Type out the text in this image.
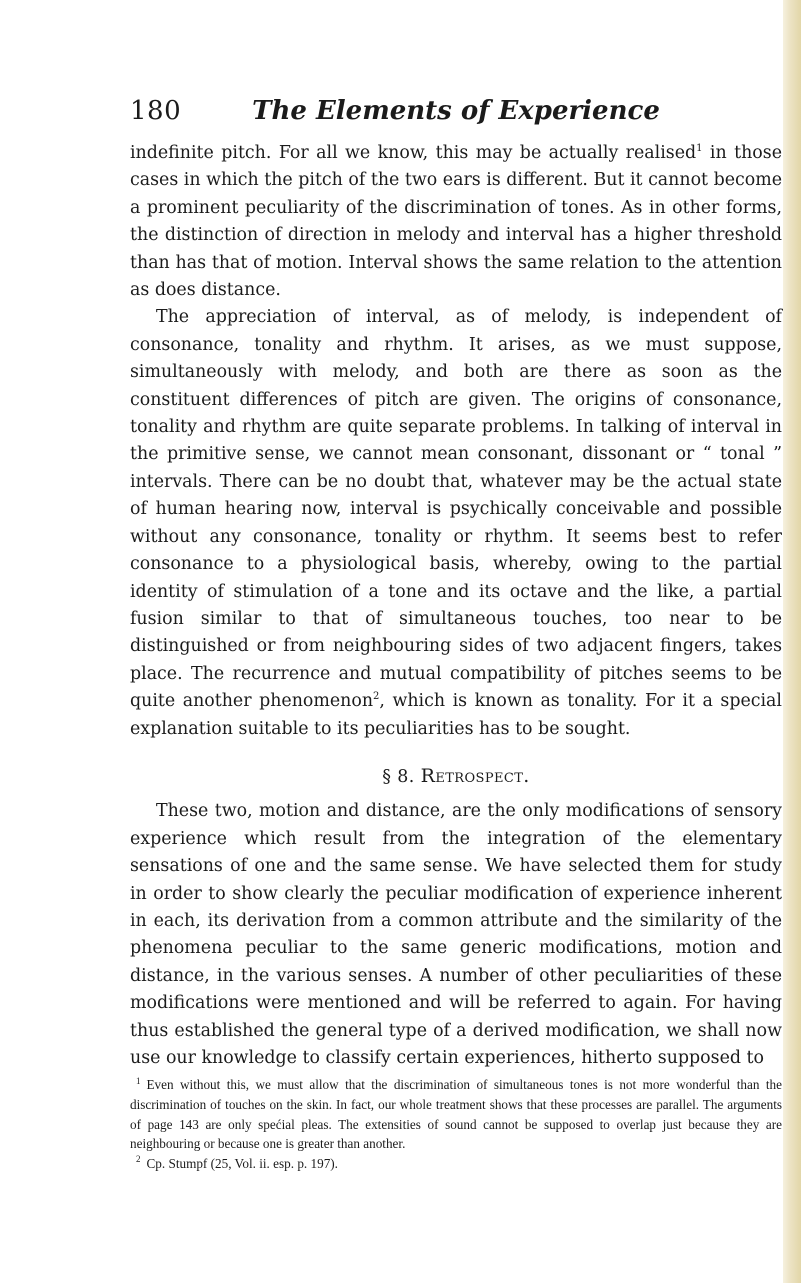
180	The Elements of Experience

indefinite pitch. For all we know, this may be actually realised$^1$ in those cases in which the pitch of the two ears is different. But it cannot become a prominent peculiarity of the discrimination of tones. As in other forms, the distinction of direction in melody and interval has a higher threshold than has that of motion. Interval shows the same relation to the attention as does distance.

The appreciation of interval, as of melody, is independent of consonance, tonality and rhythm. It arises, as we must suppose, simultaneously with melody, and both are there as soon as the constituent differences of pitch are given. The origins of consonance, tonality and rhythm are quite separate problems. In talking of interval in the primitive sense, we cannot mean consonant, dissonant or “ tonal ” intervals. There can be no doubt that, whatever may be the actual state of human hearing now, interval is psychically conceivable and possible without any consonance, tonality or rhythm. It seems best to refer consonance to a physiological basis, whereby, owing to the partial identity of stimulation of a tone and its octave and the like, a partial fusion similar to that of simultaneous touches, too near to be distinguished or from neighbouring sides of two adjacent fingers, takes place. The recurrence and mutual compatibility of pitches seems to be quite another phenomenon$^2$, which is known as tonality. For it a special explanation suitable to its peculiarities has to be sought.

§ 8. Retrospect.

These two, motion and distance, are the only modifications of sensory experience which result from the integration of the elementary sensations of one and the same sense. We have selected them for study in order to show clearly the peculiar modification of experience inherent in each, its derivation from a common attribute and the similarity of the phenomena peculiar to the same generic modifications, motion and distance, in the various senses. A number of other peculiarities of these modifications were mentioned and will be referred to again. For having thus established the general type of a derived modification, we shall now use our knowledge to classify certain experiences, hitherto supposed to

$^1$ Even without this, we must allow that the discrimination of simultaneous tones is not more wonderful than the discrimination of touches on the skin. In fact, our whole treatment shows that these processes are parallel. The arguments of page 143 are only spećial pleas. The extensities of sound cannot be supposed to overlap just because they are neighbouring or because one is greater than another.

$^2$ Cp. Stumpf (25, Vol. ii. esp. p. 197).
